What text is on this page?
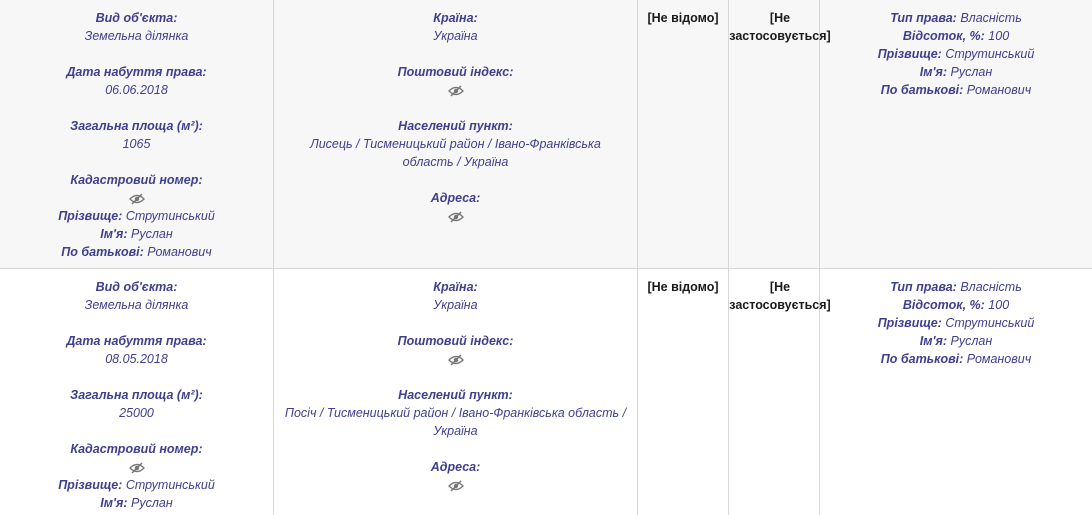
Вид об'єкта:
Земельна ділянка
Дата набуття права:
06.06.2018
Загальна площа (м²):
1065
Кадастровий номер:
Прізвище: Струтинський
Ім'я: Руслан
По батькові: Романович
Країна:
Україна
Поштовий індекс:
Населений пункт:
Лисець / Тисменицький район / Івано-Франківська область / Україна
Адреса:
[Не відомо]	[Не застосовується]
Тип права: Власність
Відсоток, %: 100
Прізвище: Струтинський
Ім'я: Руслан
По батькові: Романович
Вид об'єкта:
Земельна ділянка
Дата набуття права:
08.05.2018
Загальна площа (м²):
25000
Кадастровий номер:
Прізвище: Струтинський
Ім'я: Руслан
Країна:
Україна
Поштовий індекс:
Населений пункт:
Посіч / Тисменицький район / Івано-Франківська область / Україна
Адреса:
[Не відомо]	[Не застосовується]
Тип права: Власність
Відсоток, %: 100
Прізвище: Струтинський
Ім'я: Руслан
По батькові: Романович
